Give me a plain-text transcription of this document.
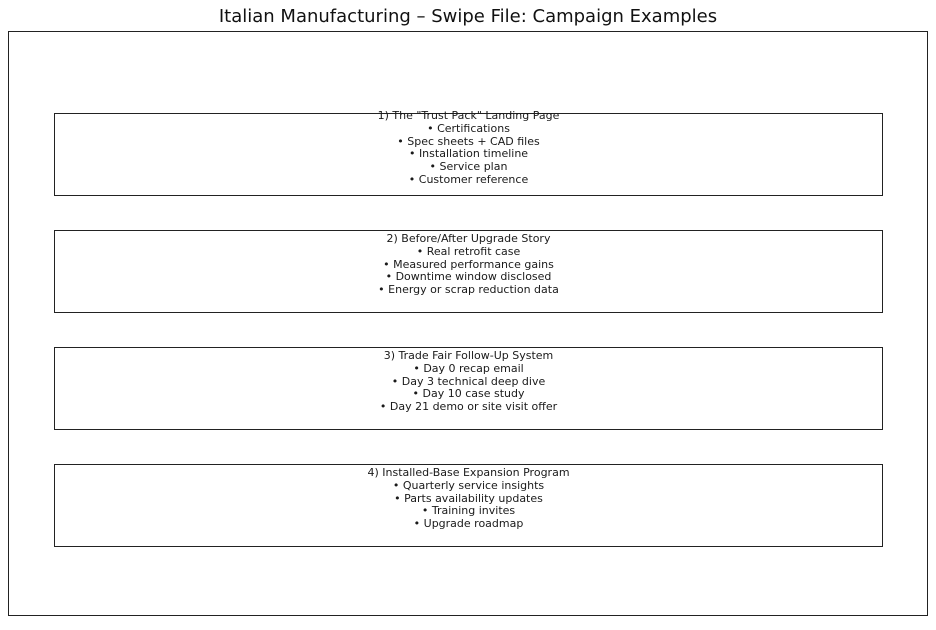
Italian Manufacturing – Swipe File: Campaign Examples
1) The "Trust Pack" Landing Page
• Certifications
• Spec sheets + CAD files
• Installation timeline
• Service plan
• Customer reference
2) Before/After Upgrade Story
• Real retrofit case
• Measured performance gains
• Downtime window disclosed
• Energy or scrap reduction data
3) Trade Fair Follow-Up System
• Day 0 recap email
• Day 3 technical deep dive
• Day 10 case study
• Day 21 demo or site visit offer
4) Installed-Base Expansion Program
• Quarterly service insights
• Parts availability updates
• Training invites
• Upgrade roadmap
